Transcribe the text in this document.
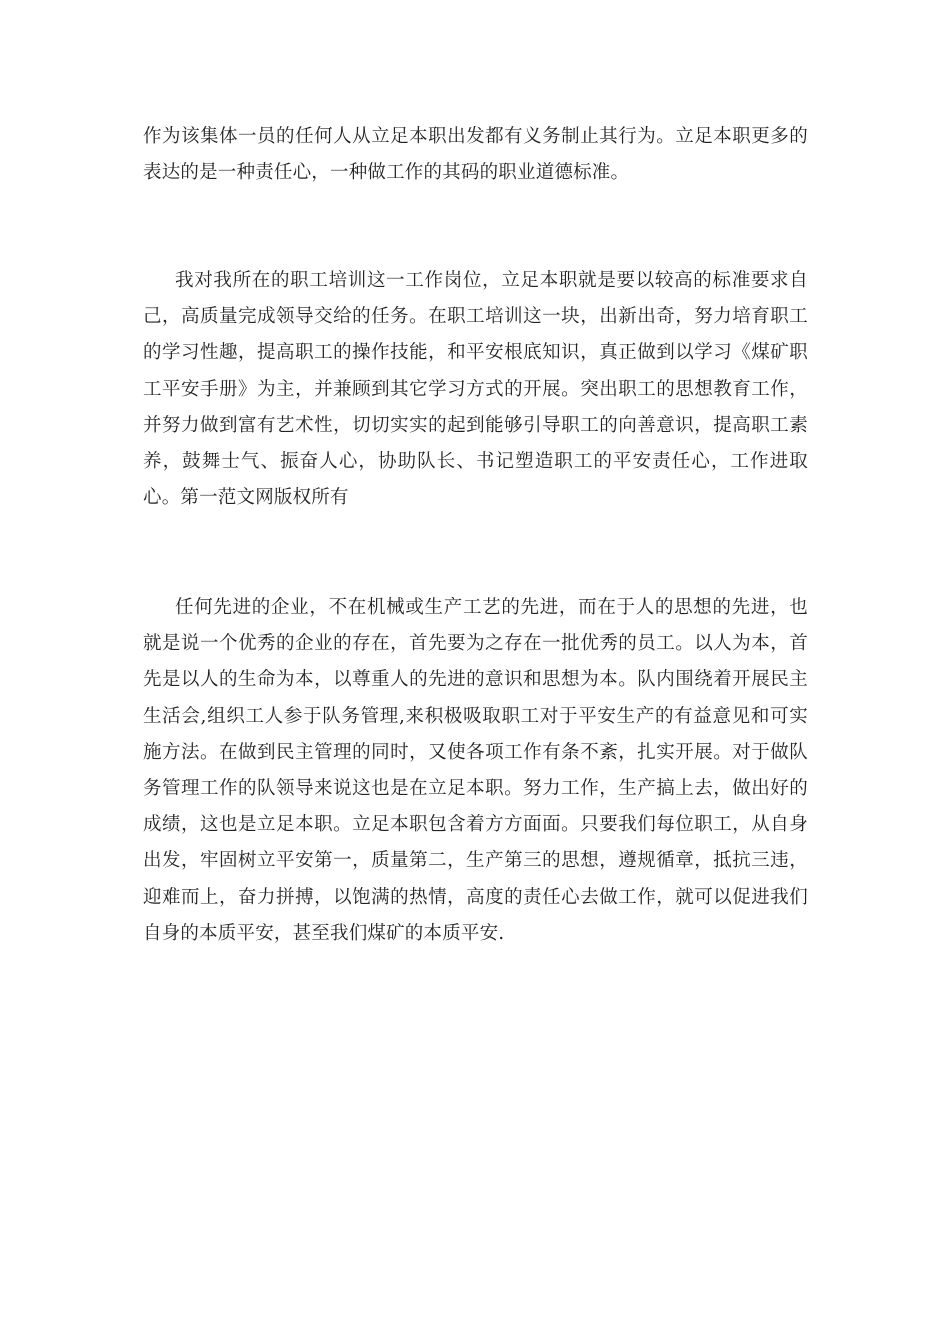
作为该集体一员的任何人从立足本职出发都有义务制止其行为。立足本职更多的表达的是一种责任心，一种做工作的其码的职业道德标准。

我对我所在的职工培训这一工作岗位，立足本职就是要以较高的标准要求自己，高质量完成领导交给的任务。在职工培训这一块，出新出奇，努力培育职工的学习性趣，提高职工的操作技能，和平安根底知识，真正做到以学习《煤矿职工平安手册》为主，并兼顾到其它学习方式的开展。突出职工的思想教育工作，并努力做到富有艺术性，切切实实的起到能够引导职工的向善意识，提高职工素养，鼓舞士气、振奋人心，协助队长、书记塑造职工的平安责任心，工作进取心。第一范文网版权所有

任何先进的企业，不在机械或生产工艺的先进，而在于人的思想的先进，也就是说一个优秀的企业的存在，首先要为之存在一批优秀的员工。以人为本，首先是以人的生命为本，以尊重人的先进的意识和思想为本。队内围绕着开展民主生活会,组织工人参于队务管理,来积极吸取职工对于平安生产的有益意见和可实施方法。在做到民主管理的同时，又使各项工作有条不紊，扎实开展。对于做队务管理工作的队领导来说这也是在立足本职。努力工作，生产搞上去，做出好的成绩，这也是立足本职。立足本职包含着方方面面。只要我们每位职工，从自身出发，牢固树立平安第一，质量第二，生产第三的思想，遵规循章，抵抗三违，迎难而上，奋力拼搏，以饱满的热情，高度的责任心去做工作，就可以促进我们自身的本质平安，甚至我们煤矿的本质平安.
